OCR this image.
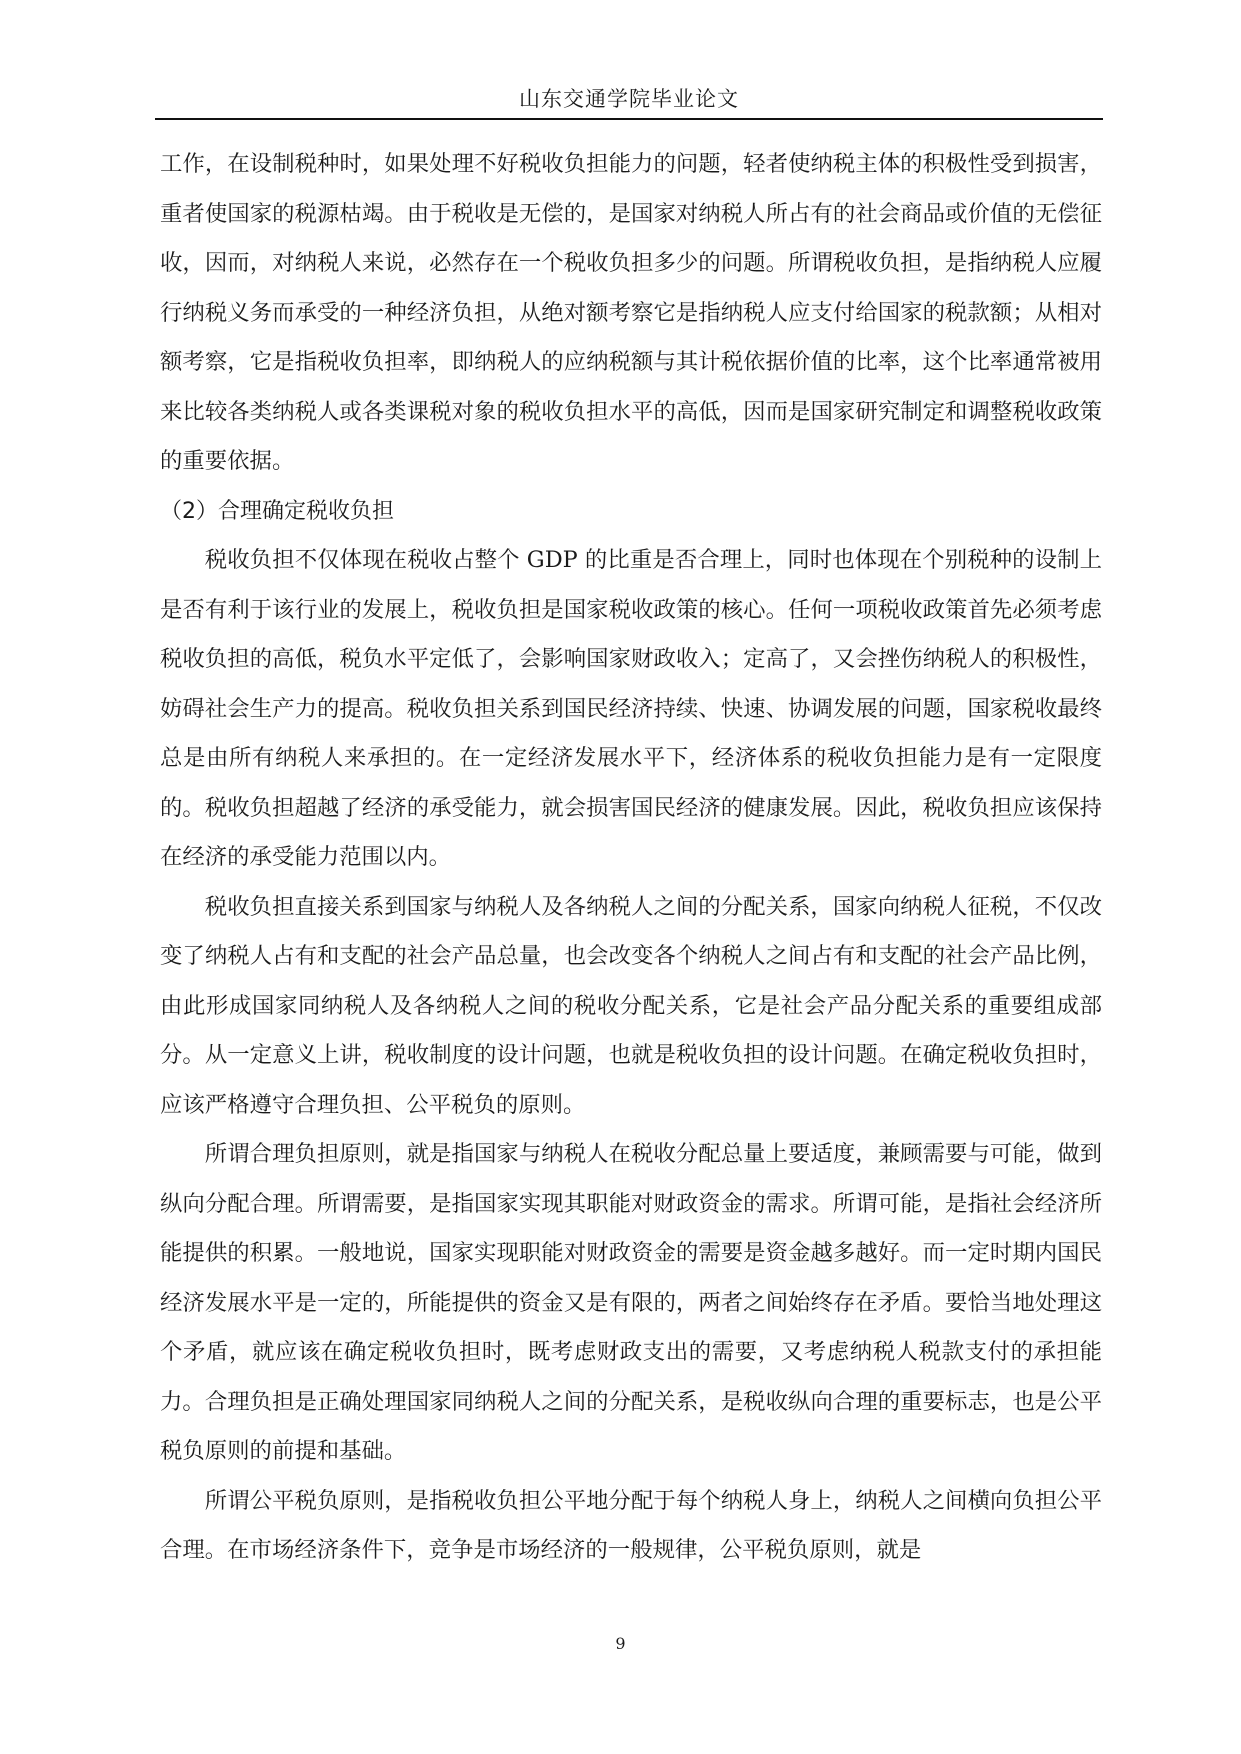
山东交通学院毕业论文

工作，在设制税种时，如果处理不好税收负担能力的问题，轻者使纳税主体的积极性受到损害，重者使国家的税源枯竭。由于税收是无偿的，是国家对纳税人所占有的社会商品或价值的无偿征收，因而，对纳税人来说，必然存在一个税收负担多少的问题。所谓税收负担，是指纳税人应履行纳税义务而承受的一种经济负担，从绝对额考察它是指纳税人应支付给国家的税款额；从相对额考察，它是指税收负担率，即纳税人的应纳税额与其计税依据价值的比率，这个比率通常被用来比较各类纳税人或各类课税对象的税收负担水平的高低，因而是国家研究制定和调整税收政策的重要依据。

（2）合理确定税收负担

税收负担不仅体现在税收占整个 GDP 的比重是否合理上，同时也体现在个别税种的设制上是否有利于该行业的发展上，税收负担是国家税收政策的核心。任何一项税收政策首先必须考虑税收负担的高低，税负水平定低了，会影响国家财政收入；定高了，又会挫伤纳税人的积极性，妨碍社会生产力的提高。税收负担关系到国民经济持续、快速、协调发展的问题，国家税收最终总是由所有纳税人来承担的。在一定经济发展水平下，经济体系的税收负担能力是有一定限度的。税收负担超越了经济的承受能力，就会损害国民经济的健康发展。因此，税收负担应该保持在经济的承受能力范围以内。

税收负担直接关系到国家与纳税人及各纳税人之间的分配关系，国家向纳税人征税，不仅改变了纳税人占有和支配的社会产品总量，也会改变各个纳税人之间占有和支配的社会产品比例，由此形成国家同纳税人及各纳税人之间的税收分配关系，它是社会产品分配关系的重要组成部分。从一定意义上讲，税收制度的设计问题，也就是税收负担的设计问题。在确定税收负担时，应该严格遵守合理负担、公平税负的原则。

所谓合理负担原则，就是指国家与纳税人在税收分配总量上要适度，兼顾需要与可能，做到纵向分配合理。所谓需要，是指国家实现其职能对财政资金的需求。所谓可能，是指社会经济所能提供的积累。一般地说，国家实现职能对财政资金的需要是资金越多越好。而一定时期内国民经济发展水平是一定的，所能提供的资金又是有限的，两者之间始终存在矛盾。要恰当地处理这个矛盾，就应该在确定税收负担时，既考虑财政支出的需要，又考虑纳税人税款支付的承担能力。合理负担是正确处理国家同纳税人之间的分配关系，是税收纵向合理的重要标志，也是公平税负原则的前提和基础。

所谓公平税负原则，是指税收负担公平地分配于每个纳税人身上，纳税人之间横向负担公平合理。在市场经济条件下，竞争是市场经济的一般规律，公平税负原则，就是

9
